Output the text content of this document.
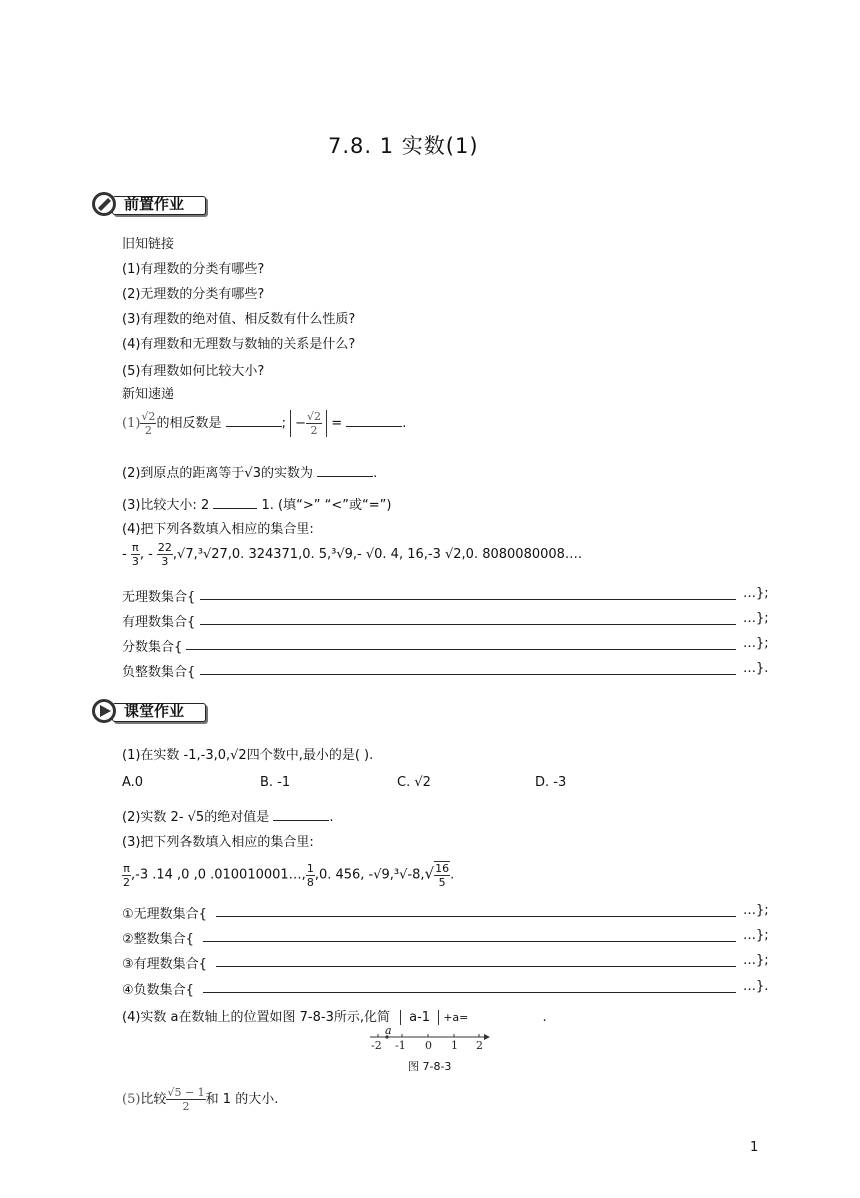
7.8. 1 实数(1)
前置作业
旧知链接
(1)有理数的分类有哪些?
(2)无理数的分类有哪些?
(3)有理数的绝对值、相反数有什么性质?
(4)有理数和无理数与数轴的关系是什么?
(5)有理数如何比较大小?
新知速递
$(1) \frac{√2}{2}$ 的相反数是	; − $\frac{√2}{2}$ =	.
(2)到原点的距离等于√3的实数为	.
(3)比较大小: 2	1. (填“>” “<”或“=”)
(4)把下列各数填入相应的集合里:
- $\frac{\pi}{3}$ , - $\frac{22}{3} ,√7,^3√27,0$. 324371,0. 5,³√9,- √0. 4, 16,-3 √2,0. 8080080008….
无理数集合{	…};
有理数集合{	…};
分数集合{	…};
负整数集合{	…}.
课堂作业
(1)在实数 -1,-3,0,√2四个数中,最小的是( ).
A.0	B. -1	C. √2	D. -3
(2)实数 2- √5的绝对值是	.
(3)把下列各数填入相应的集合里:
$\frac{\pi}{2} ,-3$ .14 ,0 ,0 .010010001…, $\frac{1}{8} ,0$. 456, $-√9,^3√-8,√ \frac{16}{5}$ .
①无理数集合{	…};
②整数集合{	…};
③有理数集合{	…};
④负数集合{	…}.
(4)实数 a在数轴上的位置如图 7-8-3所示,化简 a-1 +a=	.
a
-2 -1 0 1 2
图 7-8-3
(5)比较 $\frac{√5 - 1}{2}$ 和 1 的大小.
1
